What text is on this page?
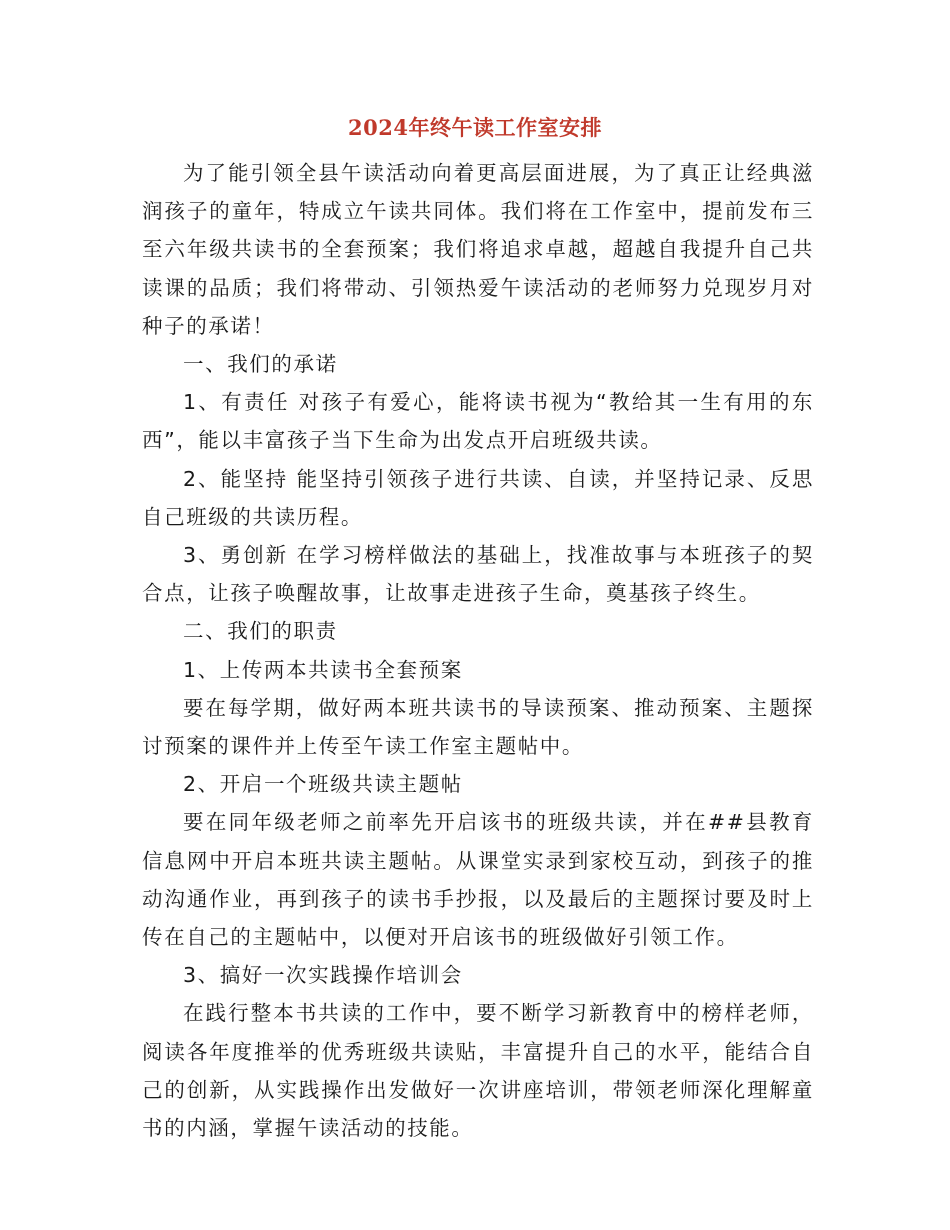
2024年终午读工作室安排

为了能引领全县午读活动向着更高层面进展，为了真正让经典滋润孩子的童年，特成立午读共同体。我们将在工作室中，提前发布三至六年级共读书的全套预案；我们将追求卓越，超越自我提升自己共读课的品质；我们将带动、引领热爱午读活动的老师努力兑现岁月对种子的承诺！

一、我们的承诺

1、有责任 对孩子有爱心，能将读书视为“教给其一生有用的东西”，能以丰富孩子当下生命为出发点开启班级共读。

2、能坚持 能坚持引领孩子进行共读、自读，并坚持记录、反思自己班级的共读历程。

3、勇创新 在学习榜样做法的基础上，找准故事与本班孩子的契合点，让孩子唤醒故事，让故事走进孩子生命，奠基孩子终生。

二、我们的职责

1、上传两本共读书全套预案

要在每学期，做好两本班共读书的导读预案、推动预案、主题探讨预案的课件并上传至午读工作室主题帖中。

2、开启一个班级共读主题帖

要在同年级老师之前率先开启该书的班级共读，并在##县教育信息网中开启本班共读主题帖。从课堂实录到家校互动，到孩子的推动沟通作业，再到孩子的读书手抄报，以及最后的主题探讨要及时上传在自己的主题帖中，以便对开启该书的班级做好引领工作。

3、搞好一次实践操作培训会

在践行整本书共读的工作中，要不断学习新教育中的榜样老师，阅读各年度推举的优秀班级共读贴，丰富提升自己的水平，能结合自己的创新，从实践操作出发做好一次讲座培训，带领老师深化理解童书的内涵，掌握午读活动的技能。
